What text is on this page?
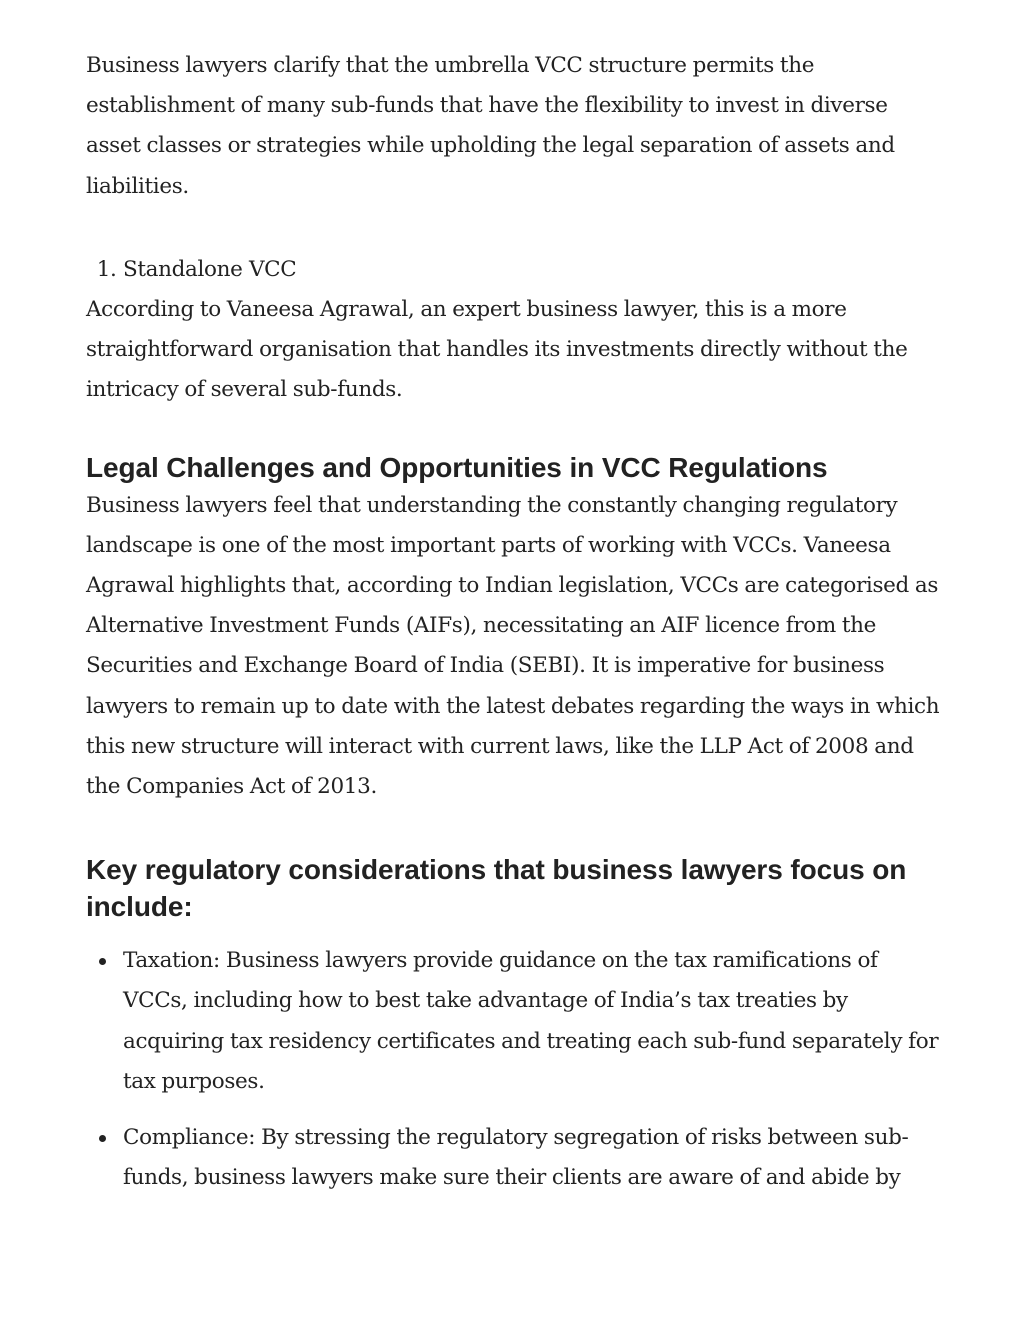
Business lawyers clarify that the umbrella VCC structure permits the establishment of many sub-funds that have the flexibility to invest in diverse asset classes or strategies while upholding the legal separation of assets and liabilities.

1. Standalone VCC

According to Vaneesa Agrawal, an expert business lawyer, this is a more straightforward organisation that handles its investments directly without the intricacy of several sub-funds.

Legal Challenges and Opportunities in VCC Regulations

Business lawyers feel that understanding the constantly changing regulatory landscape is one of the most important parts of working with VCCs. Vaneesa Agrawal highlights that, according to Indian legislation, VCCs are categorised as Alternative Investment Funds (AIFs), necessitating an AIF licence from the Securities and Exchange Board of India (SEBI). It is imperative for business lawyers to remain up to date with the latest debates regarding the ways in which this new structure will interact with current laws, like the LLP Act of 2008 and the Companies Act of 2013.

Key regulatory considerations that business lawyers focus on include:
Taxation: Business lawyers provide guidance on the tax ramifications of VCCs, including how to best take advantage of India’s tax treaties by acquiring tax residency certificates and treating each sub-fund separately for tax purposes.
Compliance: By stressing the regulatory segregation of risks between sub-funds, business lawyers make sure their clients are aware of and abide by
